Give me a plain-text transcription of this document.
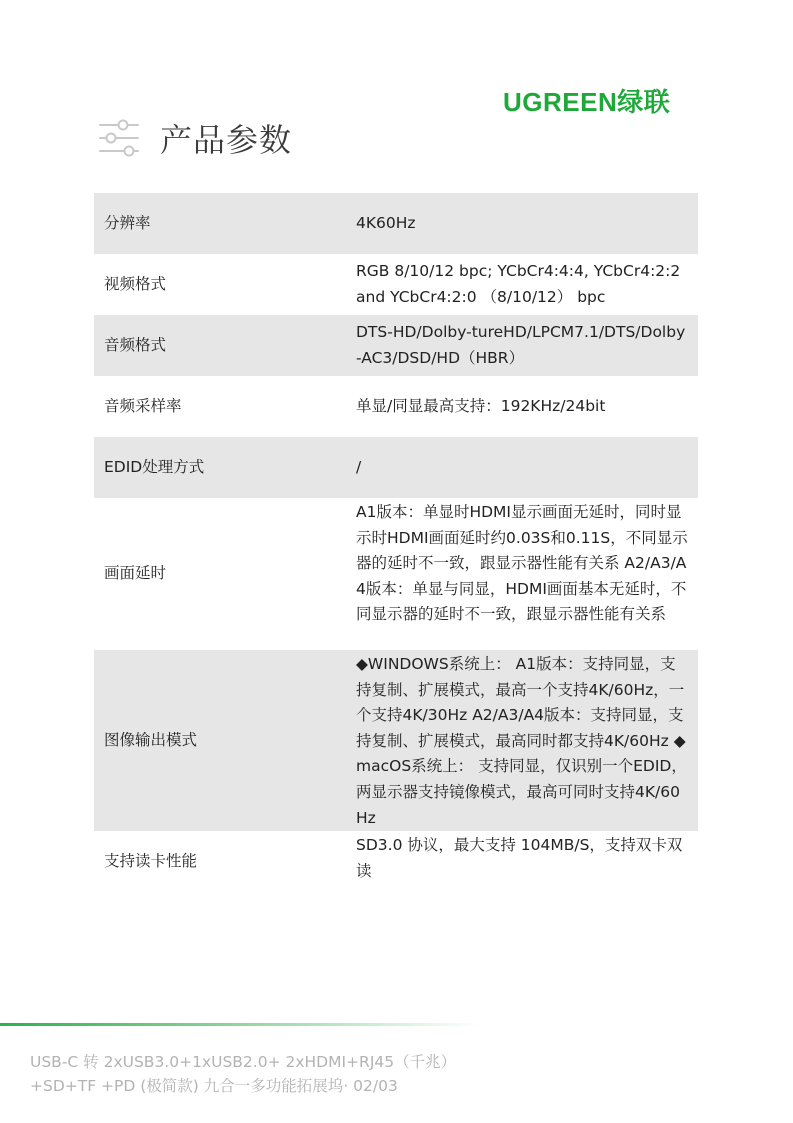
UGREEN绿联
产品参数
分辨率	4K60Hz
视频格式	RGB 8/10/12 bpc; YCbCr4:4:4, YCbCr4:2:2 and YCbCr4:2:0 （8/10/12） bpc
音频格式	DTS-HD/Dolby-tureHD/LPCM7.1/DTS/Dolby-AC3/DSD/HD（HBR）
音频采样率	单显/同显最高支持：192KHz/24bit
EDID处理方式	/
画面延时	A1版本：单显时HDMI显示画面无延时，同时显示时HDMI画面延时约0.03S和0.11S，不同显示器的延时不一致，跟显示器性能有关系 A2/A3/A4版本：单显与同显，HDMI画面基本无延时，不同显示器的延时不一致，跟显示器性能有关系
图像输出模式	◆WINDOWS系统上： A1版本：支持同显，支持复制、扩展模式，最高一个支持4K/60Hz，一个支持4K/30Hz A2/A3/A4版本：支持同显，支持复制、扩展模式，最高同时都支持4K/60Hz ◆macOS系统上： 支持同显，仅识别一个EDID，两显示器支持镜像模式，最高可同时支持4K/60Hz
支持读卡性能	SD3.0 协议，最大支持 104MB/S，支持双卡双读
USB-C 转 2xUSB3.0+1xUSB2.0+ 2xHDMI+RJ45（千兆）+SD+TF +PD (极简款) 九合一多功能拓展坞· 02/03
